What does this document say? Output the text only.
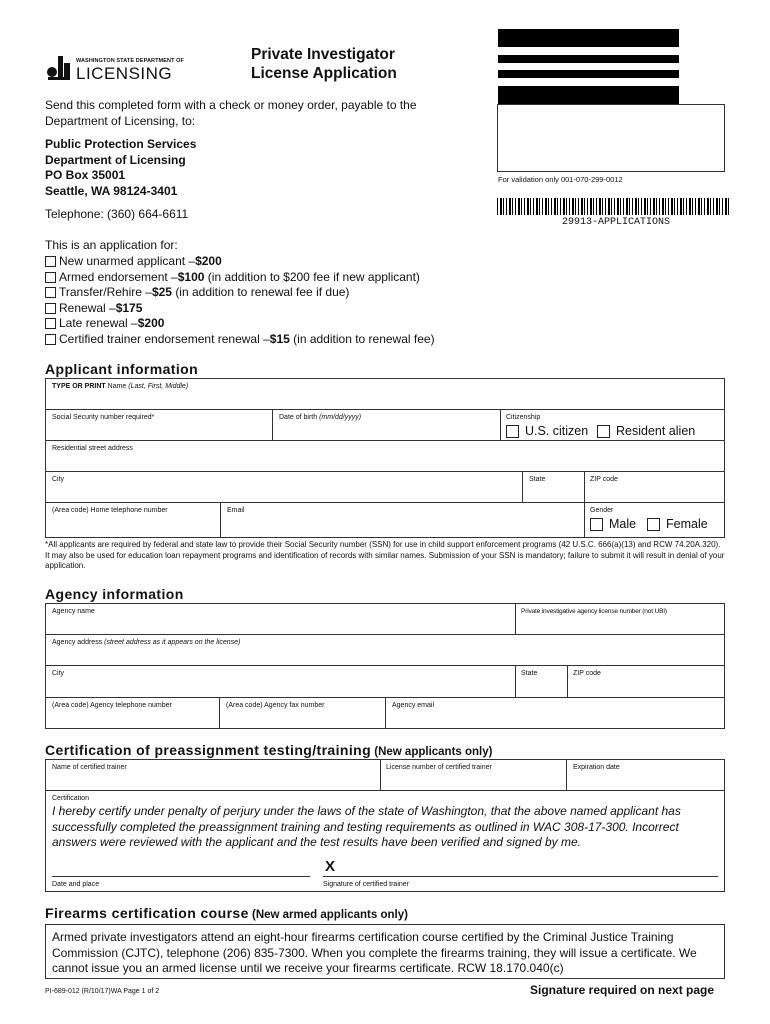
WASHINGTON STATE DEPARTMENT OF
LICENSING
Private Investigator
License Application
For validation only 001-070-299-0012
29913-APPLICATIONS
Send this completed form with a check or money order, payable to the
Department of Licensing, to:
Public Protection Services
Department of Licensing
PO Box 35001
Seattle, WA 98124-3401
Telephone: (360) 664-6611
This is an application for:
New unarmed applicant – $200
Armed endorsement – $100
(in addition to $200 fee if new applicant)
Transfer/Rehire – $25
(in addition to renewal fee if due)
Renewal – $175
Late renewal – $200
Certified trainer endorsement renewal – $15
(in addition to renewal fee)
Applicant information
TYPE OR PRINT Name (Last, First, Middle)
Social Security number required*	Date of birth (mm/dd/yyyy)	Citizenship
U.S. citizen Resident alien
Residential street address
City	State	ZIP code
(Area code) Home telephone number	Email	Gender
Male Female
*All applicants are required by federal and state law to provide their Social Security number (SSN) for use in child support enforcement programs (42 U.S.C. 666(a)(13) and RCW 74.20A.320). It may also be used for education loan repayment programs and identification of records with similar names. Submission of your SSN is mandatory; failure to submit it will result in denial of your application.
Agency information
Agency name	Private investigative agency license number (not UBI)
Agency address (street address as it appears on the license)
City	State	ZIP code
(Area code) Agency telephone number	(Area code) Agency fax number	Agency email
Certification of preassignment testing/training (New applicants only)
Name of certified trainer	License number of certified trainer	Expiration date
Certification
I hereby certify under penalty of perjury under the laws of the state of Washington, that the above named applicant has successfully completed the preassignment training and testing requirements as outlined in WAC 308-17-300. Incorrect answers were reviewed with the applicant and the test results have been verified and signed by me.
X
Date and place	Signature of certified trainer
Firearms certification course (New armed applicants only)
Armed private investigators attend an eight-hour firearms certification course certified by the Criminal Justice Training Commission (CJTC), telephone (206) 835-7300. When you complete the firearms training, they will issue a certificate. We cannot issue you an armed license until we receive your firearms certificate. RCW 18.170.040(c)
PI-689-012 (R/10/17)WA Page 1 of 2	Signature required on next page
